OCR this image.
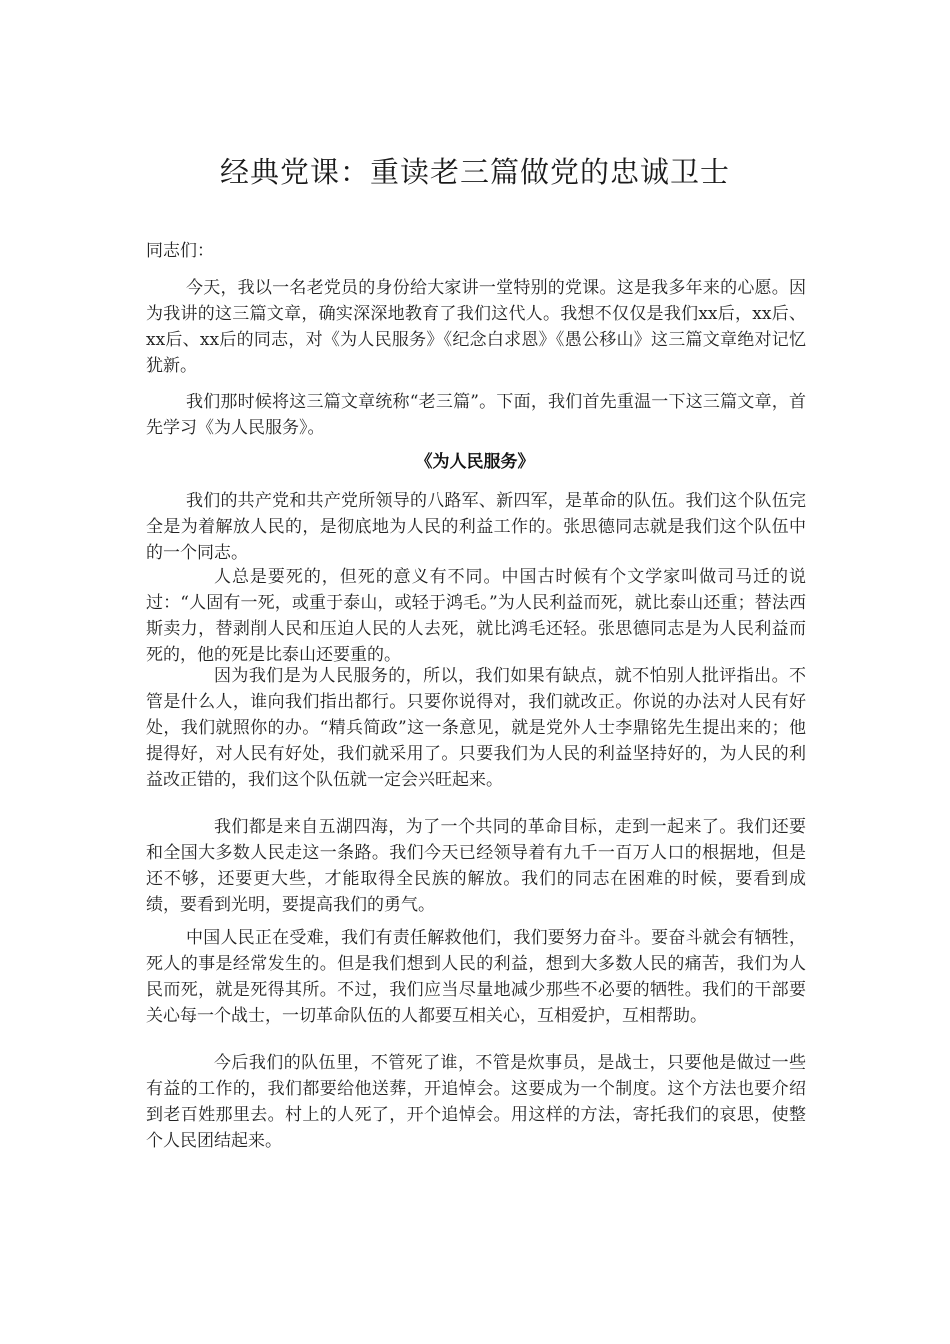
经典党课：重读老三篇做党的忠诚卫士

同志们：

今天，我以一名老党员的身份给大家讲一堂特别的党课。这是我多年来的心愿。因为我讲的这三篇文章，确实深深地教育了我们这代人。我想不仅仅是我们xx后，xx后、xx后、xx后的同志，对《为人民服务》《纪念白求恩》《愚公移山》这三篇文章绝对记忆犹新。

我们那时候将这三篇文章统称“老三篇”。下面，我们首先重温一下这三篇文章，首先学习《为人民服务》。

《为人民服务》

我们的共产党和共产党所领导的八路军、新四军，是革命的队伍。我们这个队伍完全是为着解放人民的，是彻底地为人民的利益工作的。张思德同志就是我们这个队伍中的一个同志。

人总是要死的，但死的意义有不同。中国古时候有个文学家叫做司马迁的说过：“人固有一死，或重于泰山，或轻于鸿毛。”为人民利益而死，就比泰山还重；替法西斯卖力，替剥削人民和压迫人民的人去死，就比鸿毛还轻。张思德同志是为人民利益而死的，他的死是比泰山还要重的。

因为我们是为人民服务的，所以，我们如果有缺点，就不怕别人批评指出。不管是什么人，谁向我们指出都行。只要你说得对，我们就改正。你说的办法对人民有好处，我们就照你的办。“精兵简政”这一条意见，就是党外人士李鼎铭先生提出来的；他提得好，对人民有好处，我们就采用了。只要我们为人民的利益坚持好的，为人民的利益改正错的，我们这个队伍就一定会兴旺起来。

我们都是来自五湖四海，为了一个共同的革命目标，走到一起来了。我们还要和全国大多数人民走这一条路。我们今天已经领导着有九千一百万人口的根据地，但是还不够，还要更大些，才能取得全民族的解放。我们的同志在困难的时候，要看到成绩，要看到光明，要提高我们的勇气。

中国人民正在受难，我们有责任解救他们，我们要努力奋斗。要奋斗就会有牺牲，死人的事是经常发生的。但是我们想到人民的利益，想到大多数人民的痛苦，我们为人民而死，就是死得其所。不过，我们应当尽量地减少那些不必要的牺牲。我们的干部要关心每一个战士，一切革命队伍的人都要互相关心，互相爱护，互相帮助。

今后我们的队伍里，不管死了谁，不管是炊事员，是战士，只要他是做过一些有益的工作的，我们都要给他送葬，开追悼会。这要成为一个制度。这个方法也要介绍到老百姓那里去。村上的人死了，开个追悼会。用这样的方法，寄托我们的哀思，使整个人民团结起来。
